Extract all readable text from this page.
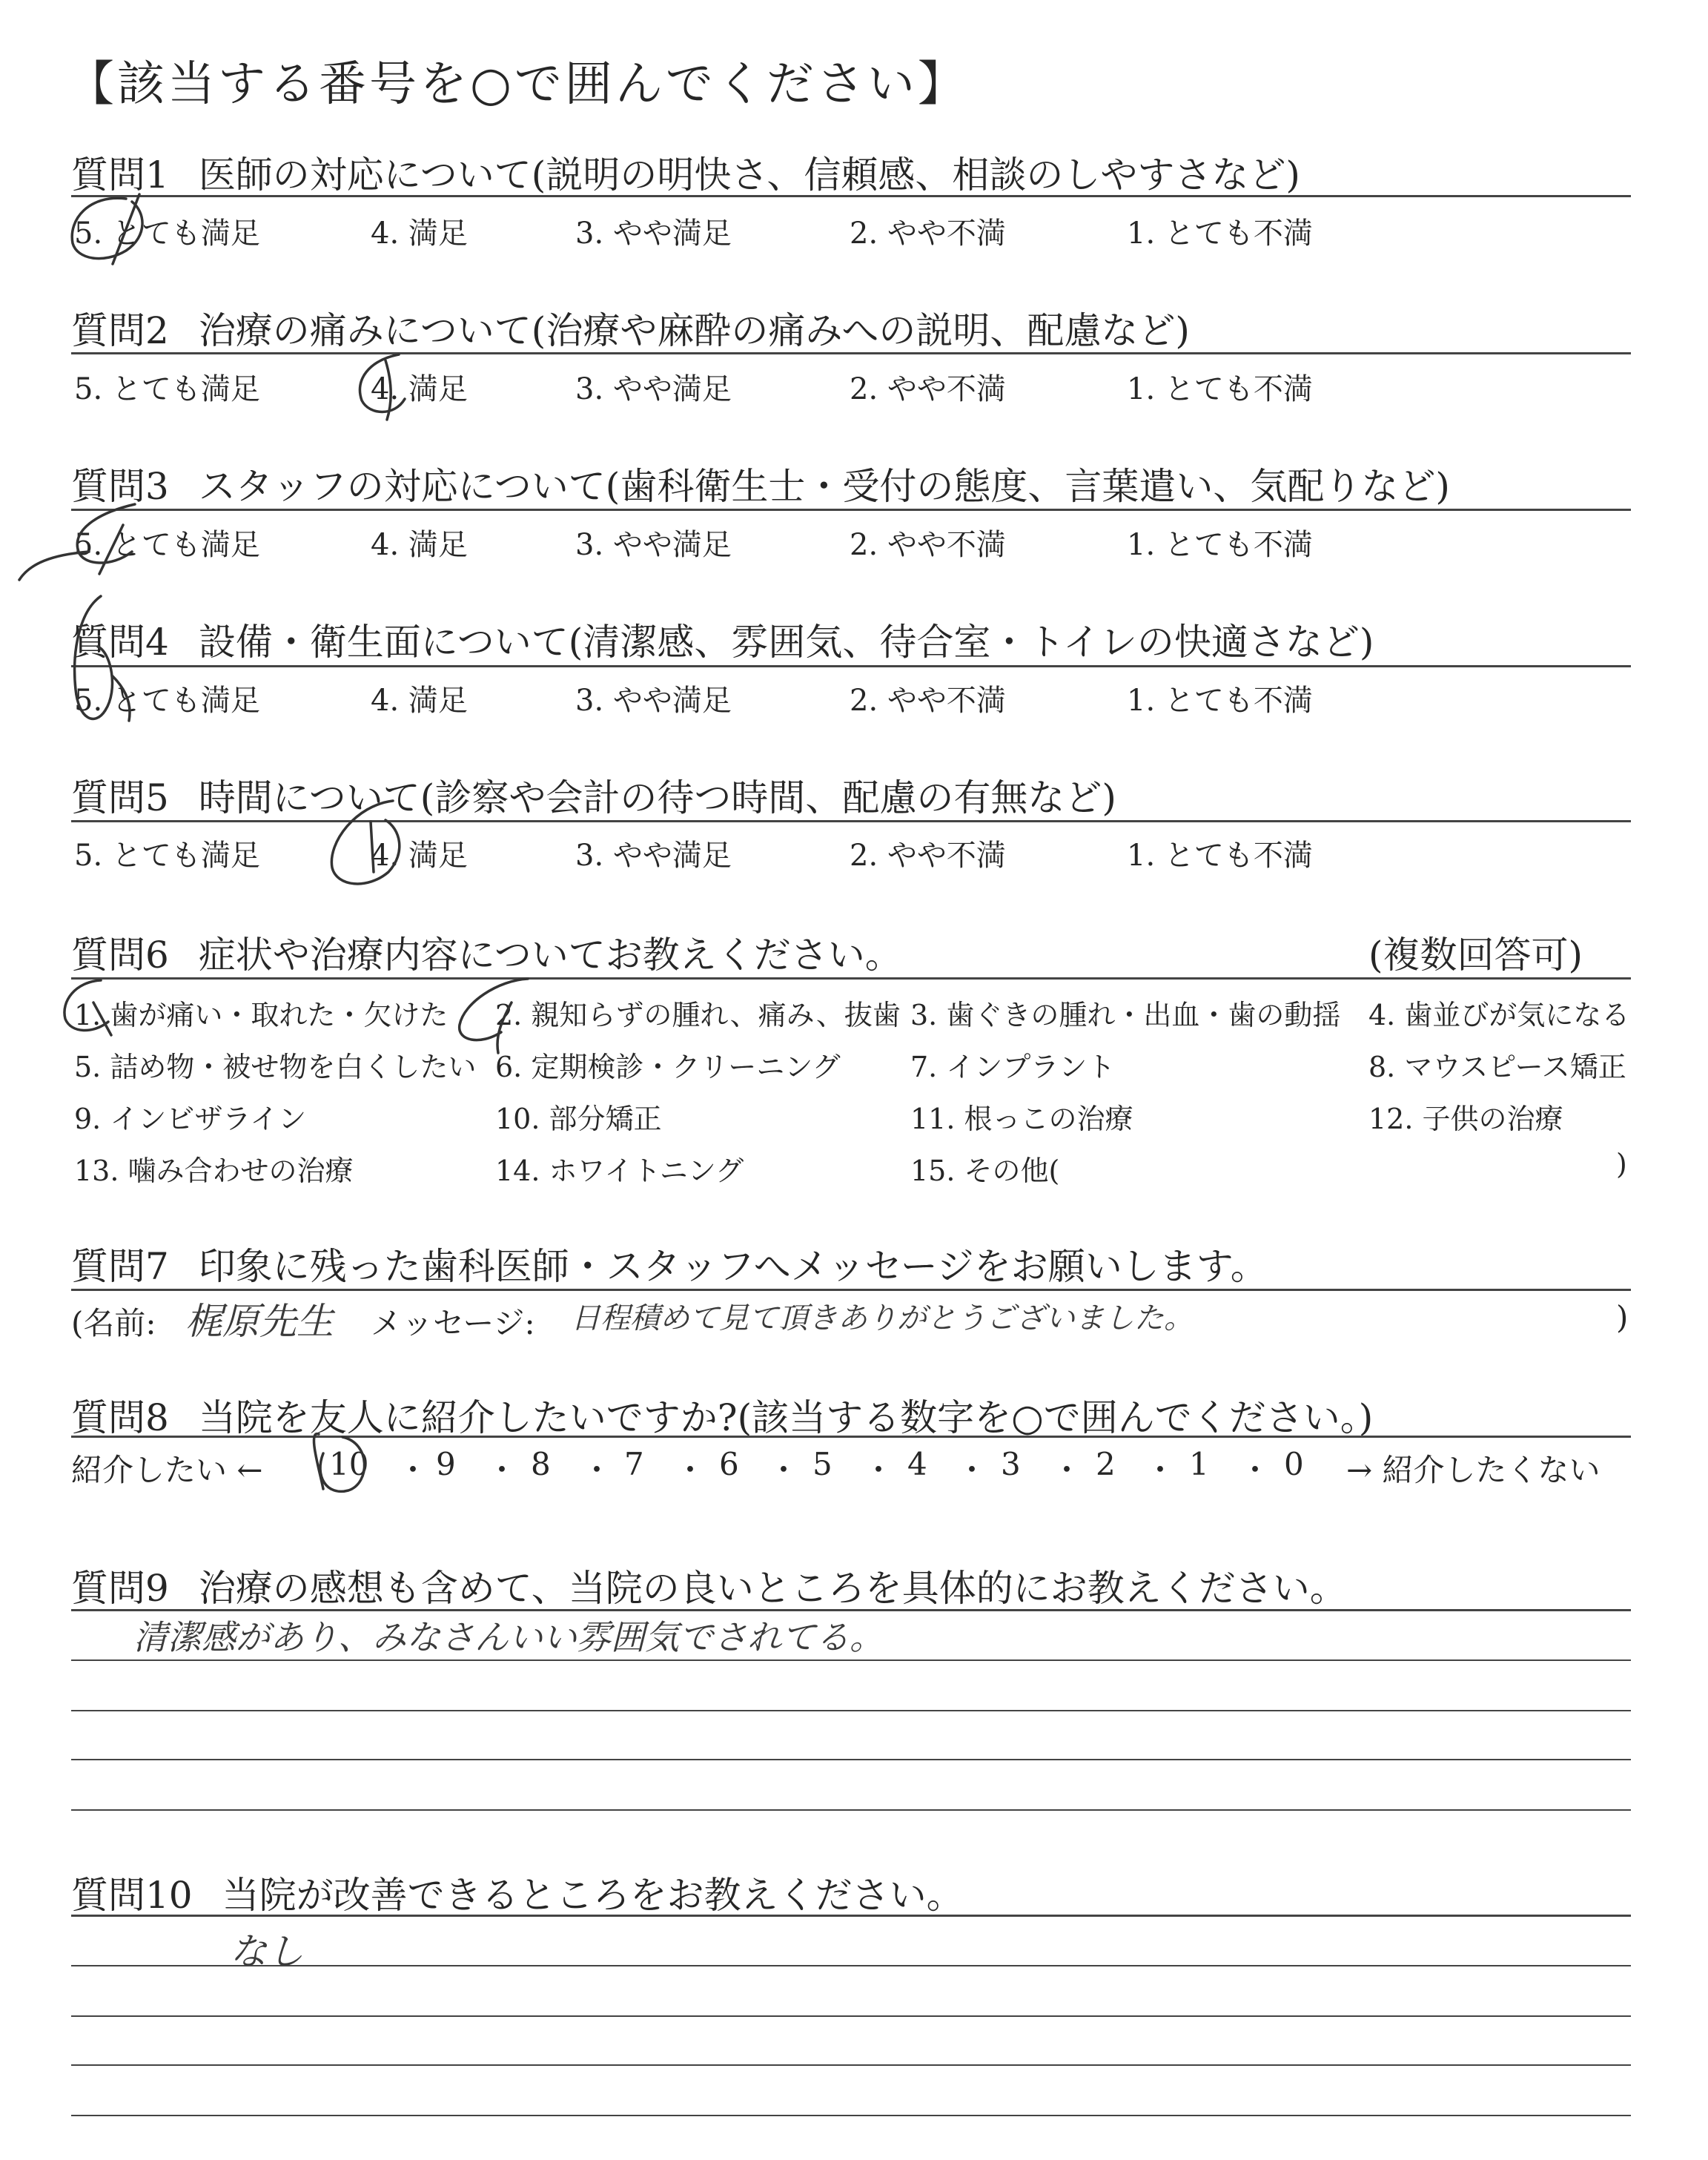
【該当する番号を○で囲んでください】
質問1 医師の対応について(説明の明快さ、信頼感、相談のしやすさなど)
5. とても満足	4. 満足	3. やや満足	2. やや不満	1. とても不満
質問2 治療の痛みについて(治療や麻酔の痛みへの説明、配慮など)
5. とても満足	4. 満足	3. やや満足	2. やや不満	1. とても不満
質問3 スタッフの対応について(歯科衛生士・受付の態度、言葉遣い、気配りなど)
5. とても満足	4. 満足	3. やや満足	2. やや不満	1. とても不満
質問4 設備・衛生面について(清潔感、雰囲気、待合室・トイレの快適さなど)
5. とても満足	4. 満足	3. やや満足	2. やや不満	1. とても不満
質問5 時間について(診察や会計の待つ時間、配慮の有無など)
5. とても満足	4. 満足	3. やや満足	2. やや不満	1. とても不満
質問6 症状や治療内容についてお教えください。	(複数回答可)
1. 歯が痛い・取れた・欠けた 2. 親知らずの腫れ、痛み、抜歯 3. 歯ぐきの腫れ・出血・歯の動揺 4. 歯並びが気になる
5. 詰め物・被せ物を白くしたい 6. 定期検診・クリーニング 7. インプラント	8. マウスピース矯正
9. インビザライン	10. 部分矯正	11. 根っこの治療	12. 子供の治療
13. 噛み合わせの治療	14. ホワイトニング	15. その他(	)
質問7 印象に残った歯科医師・スタッフへメッセージをお願いします。
(名前: 梶原先生 メッセージ: 日程積めて見て頂きありがとうございました。	)
質問8 当院を友人に紹介したいですか?(該当する数字を○で囲んでください。)
紹介したい ← 10 ・ 9 ・ 8 ・ 7 ・ 6 ・ 5 ・ 4 ・ 3 ・ 2 ・ 1 ・ 0 → 紹介したくない
質問9 治療の感想も含めて、当院の良いところを具体的にお教えください。
清潔感があり、みなさんいい雰囲気でされてる。
質問10 当院が改善できるところをお教えください。
なし
